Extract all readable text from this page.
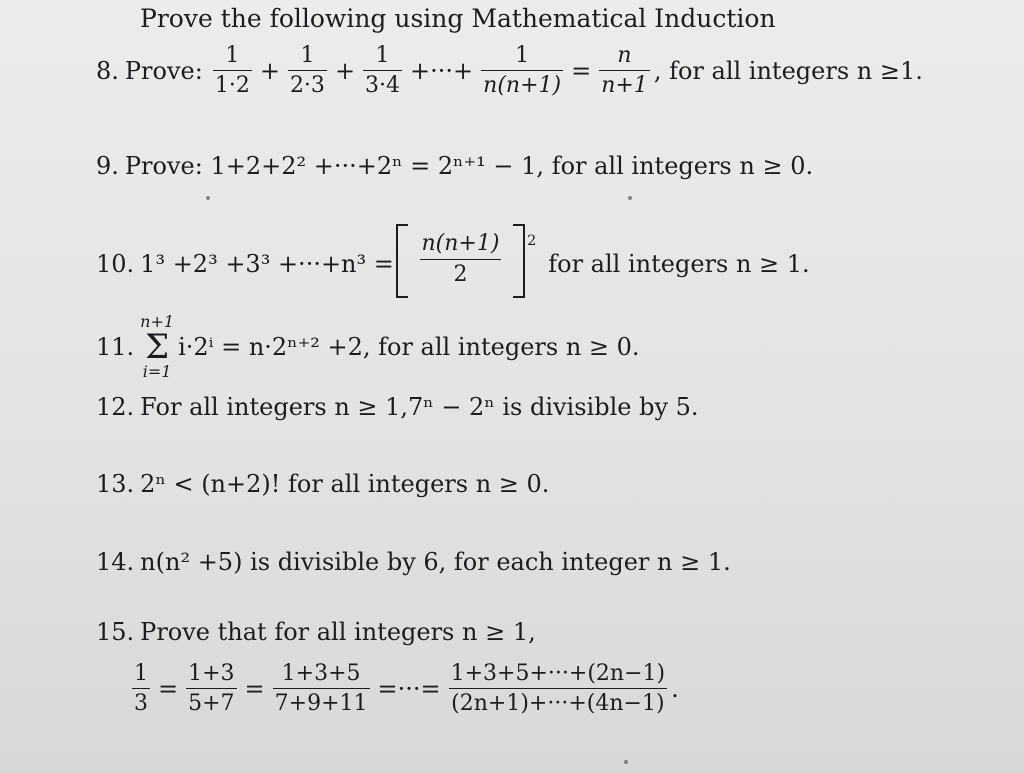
Prove the following using Mathematical Induction
8. Prove: $\frac{1}{1\cdot 2} + \frac{1}{2\cdot 3} + \frac{1}{3\cdot 4}$ +···+ $\frac{1}{n(n+1)} = \frac{n}{n+1}$ , for all integers n ≥1.
9. Prove: 1+2+2² +···+2ⁿ = 2ⁿ⁺¹ − 1, for all integers n ≥ 0.
10. 1³ +2³ +3³ +···+n³ =
$\frac{n(n+1)}{2}$
$^2$
for all integers n ≥ 1.
11.
n+1
Σ
i=1
i·2ⁱ = n·2ⁿ⁺² +2, for all integers n ≥ 0.
12. For all integers n ≥ 1,7ⁿ − 2ⁿ is divisible by 5.
13. 2ⁿ < (n+2)! for all integers n ≥ 0.
14. n(n² +5) is divisible by 6, for each integer n ≥ 1.
15. Prove that for all integers n ≥ 1,
$\frac{1}{3} = \frac{1+3}{5+7} = \frac{1+3+5}{7+9+11}$ =···= $\frac{1+3+5+\cdot\cdot\cdot+(2n-1)}{(2n+1)+\cdot\cdot\cdot+(4n-1)}$ .
